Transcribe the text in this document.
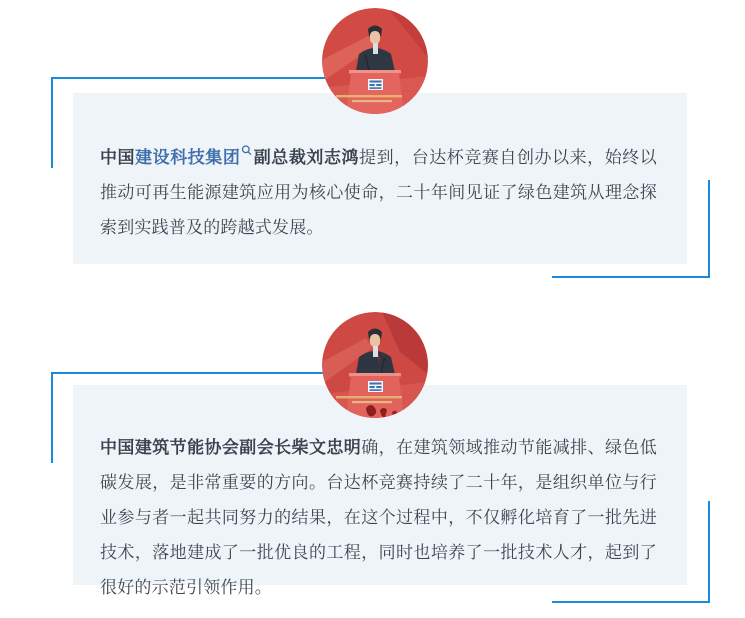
中国建设科技集团 副总裁刘志鸿提到，台达杯竞赛自创办以来，始终以推动可再生能源建筑应用为核心使命，二十年间见证了绿色建筑从理念探索到实践普及的跨越式发展。

中国建筑节能协会副会长柴文忠明确，在建筑领域推动节能减排、绿色低碳发展，是非常重要的方向。台达杯竞赛持续了二十年，是组织单位与行业参与者一起共同努力的结果，在这个过程中，不仅孵化培育了一批先进技术，落地建成了一批优良的工程，同时也培养了一批技术人才，起到了很好的示范引领作用。
